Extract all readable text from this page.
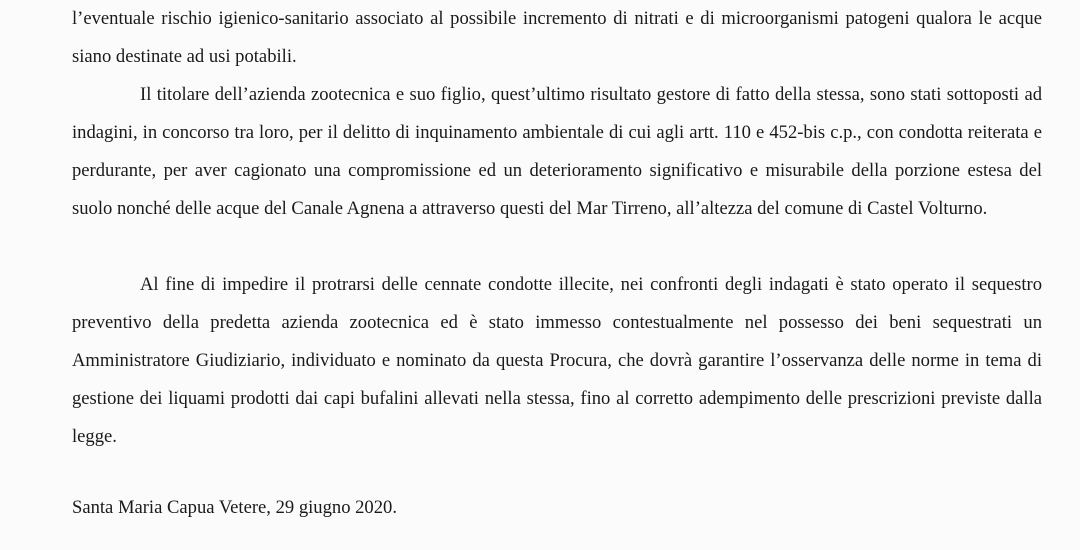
l’eventuale rischio igienico-sanitario associato al possibile incremento di nitrati e di microorganismi patogeni qualora le acque siano destinate ad usi potabili.

Il titolare dell’azienda zootecnica e suo figlio, quest’ultimo risultato gestore di fatto della stessa, sono stati sottoposti ad indagini, in concorso tra loro, per il delitto di inquinamento ambientale di cui agli artt. 110 e 452-bis c.p., con condotta reiterata e perdurante, per aver cagionato una compromissione ed un deterioramento significativo e misurabile della porzione estesa del suolo nonché delle acque del Canale Agnena a attraverso questi del Mar Tirreno, all’altezza del comune di Castel Volturno.

Al fine di impedire il protrarsi delle cennate condotte illecite, nei confronti degli indagati è stato operato il sequestro preventivo della predetta azienda zootecnica ed è stato immesso contestualmente nel possesso dei beni sequestrati un Amministratore Giudiziario, individuato e nominato da questa Procura, che dovrà garantire l’osservanza delle norme in tema di gestione dei liquami prodotti dai capi bufalini allevati nella stessa, fino al corretto adempimento delle prescrizioni previste dalla legge.

Santa Maria Capua Vetere, 29 giugno 2020.
